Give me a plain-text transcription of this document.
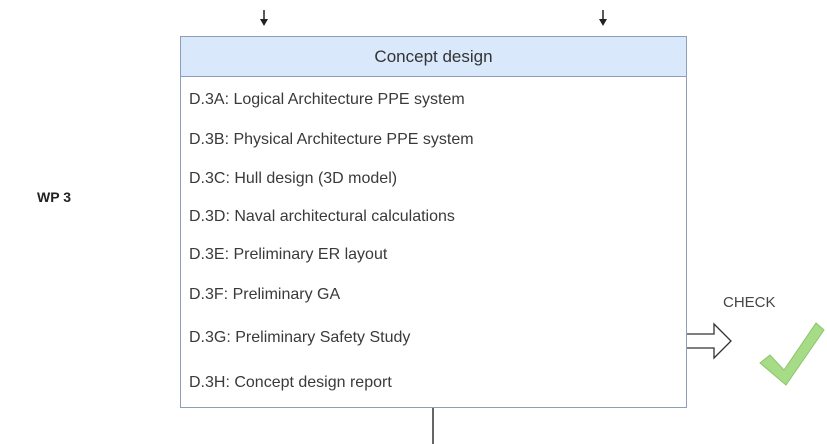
WP 3
Concept design
D.3A: Logical Architecture PPE system
D.3B: Physical Architecture PPE system
D.3C: Hull design (3D model)
D.3D: Naval architectural calculations
D.3E: Preliminary ER layout
D.3F: Preliminary GA
D.3G: Preliminary Safety Study
D.3H: Concept design report
CHECK
